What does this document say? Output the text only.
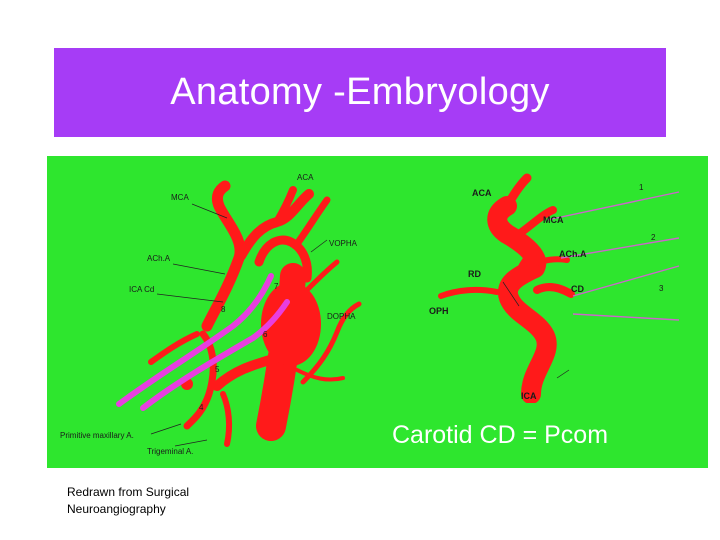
Anatomy -Embryology
ACA
MCA
ACh.A
ICA Cd
VOPHA
DOPHA
7
8
6
5
4
Primitive maxillary A.
Trigeminal A.
ACA
MCA
ACh.A
RD
CD
OPH
ICA
1
2
3
Carotid CD = Pcom
Redrawn from Surgical
Neuroangiography
